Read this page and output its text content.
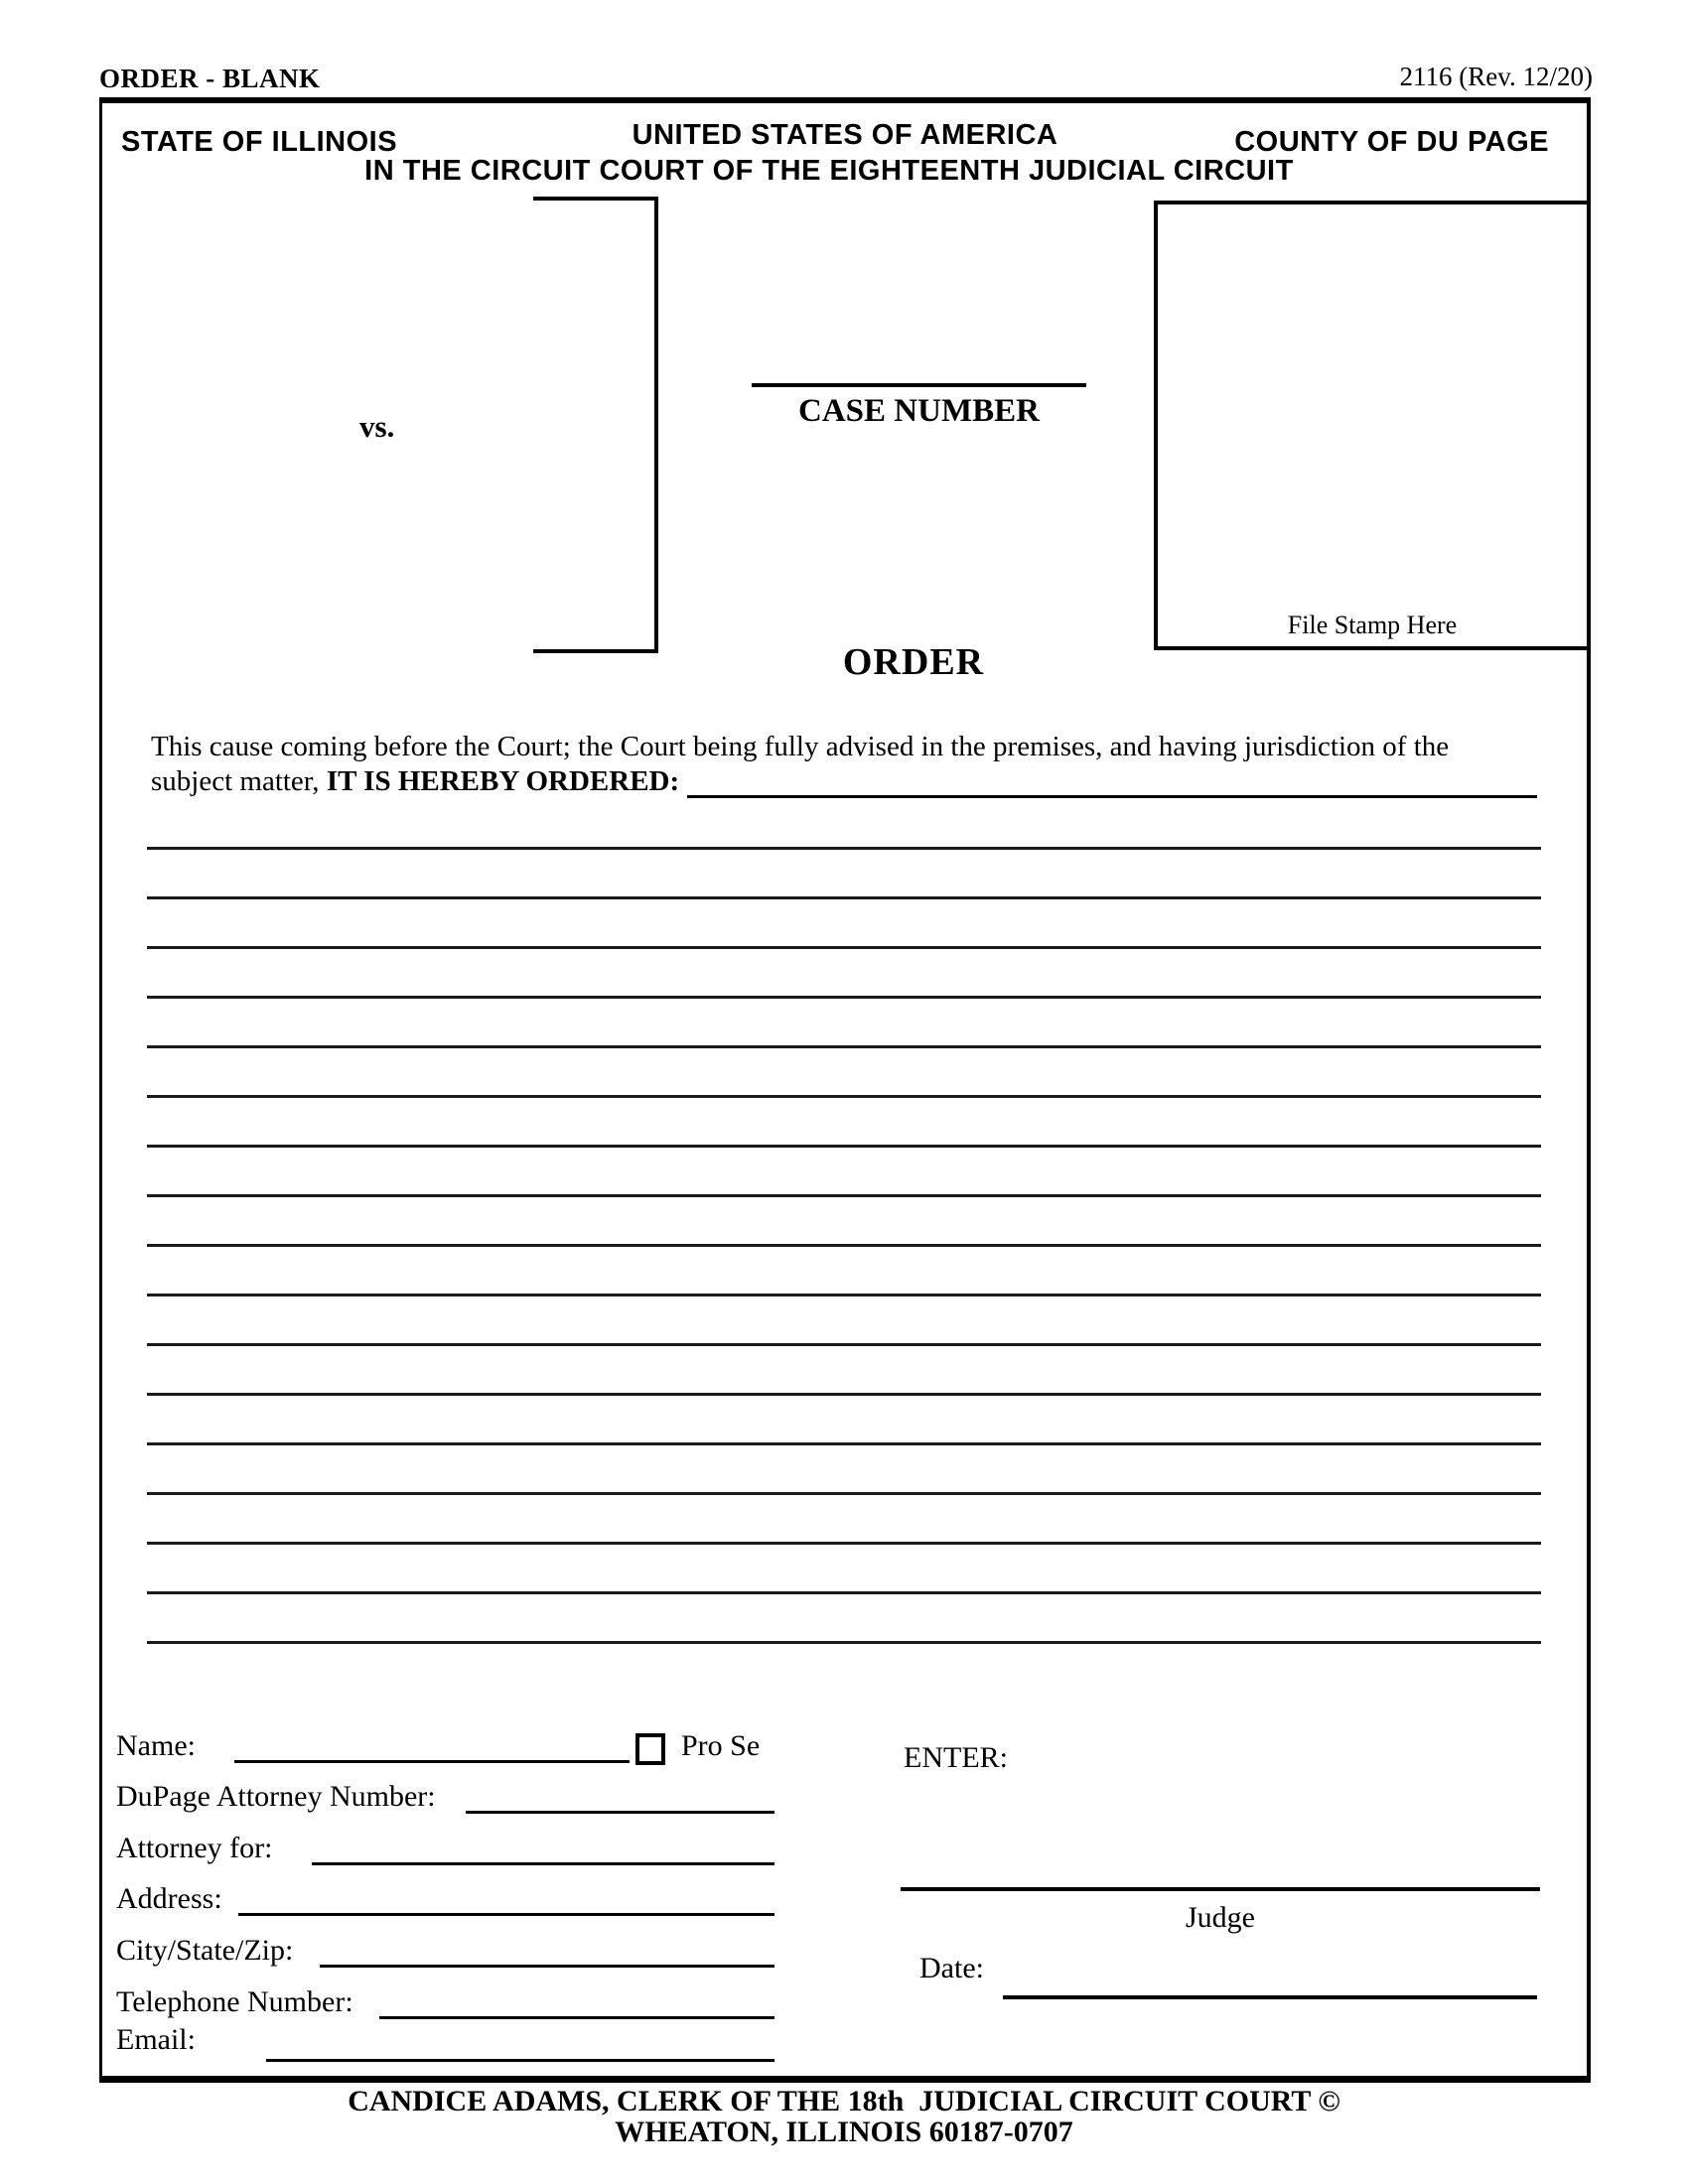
ORDER - BLANK	2116 (Rev. 12/20)
STATE OF ILLINOIS	UNITED STATES OF AMERICA	COUNTY OF DU PAGE
IN THE CIRCUIT COURT OF THE EIGHTEENTH JUDICIAL CIRCUIT
vs.	CASE NUMBER
File Stamp Here
ORDER
This cause coming before the Court; the Court being fully advised in the premises, and having jurisdiction of the
subject matter, IT IS HEREBY ORDERED:
Name:	Pro Se
DuPage Attorney Number:
Attorney for:
Address:
City/State/Zip:
Telephone Number:
Email:
ENTER:
Judge
Date:
CANDICE ADAMS, CLERK OF THE 18th  JUDICIAL CIRCUIT COURT ©
WHEATON, ILLINOIS 60187-0707
